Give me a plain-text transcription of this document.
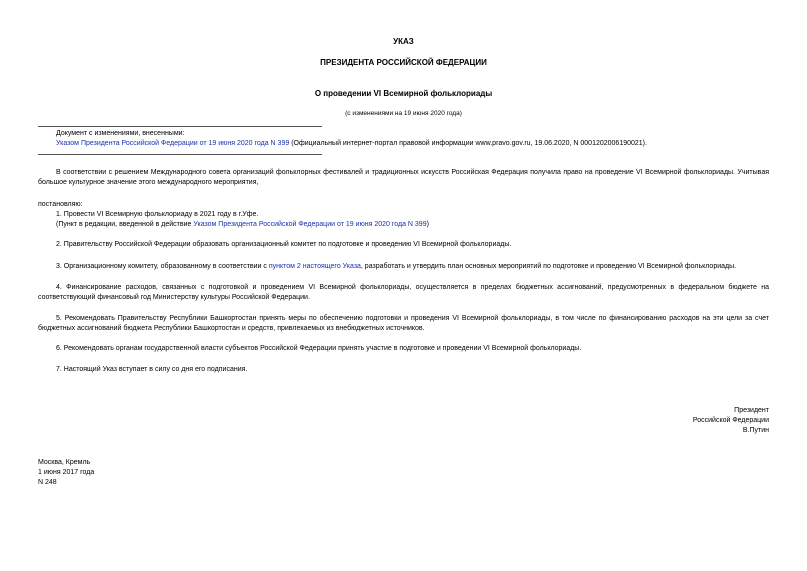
УКАЗ
ПРЕЗИДЕНТА РОССИЙСКОЙ ФЕДЕРАЦИИ
О проведении VI Всемирной фольклориады
(с изменениями на 19 июня 2020 года)
Документ с изменениями, внесенными:
Указом Президента Российской Федерации от 19 июня 2020 года N 399 (Официальный интернет-портал правовой информации www.pravo.gov.ru, 19.06.2020, N 0001202006190021).
В соответствии с решением Международного совета организаций фольклорных фестивалей и традиционных искусств Российская Федерация получила право на проведение VI Всемирной фольклориады. Учитывая большое культурное значение этого международного мероприятия,
постановляю:
1. Провести VI Всемирную фольклориаду в 2021 году в г.Уфе.
(Пункт в редакции, введенной в действие Указом Президента Российской Федерации от 19 июня 2020 года N 399)
2. Правительству Российской Федерации образовать организационный комитет по подготовке и проведению VI Всемирной фольклориады.
3. Организационному комитету, образованному в соответствии с пунктом 2 настоящего Указа, разработать и утвердить план основных мероприятий по подготовке и проведению VI Всемирной фольклориады.
4. Финансирование расходов, связанных с подготовкой и проведением VI Всемирной фольклориады, осуществляется в пределах бюджетных ассигнований, предусмотренных в федеральном бюджете на соответствующий финансовый год Министерству культуры Российской Федерации.
5. Рекомендовать Правительству Республики Башкортостан принять меры по обеспечению подготовки и проведения VI Всемирной фольклориады, в том числе по финансированию расходов на эти цели за счет бюджетных ассигнований бюджета Республики Башкортостан и средств, привлекаемых из внебюджетных источников.
6. Рекомендовать органам государственной власти субъектов Российской Федерации принять участие в подготовке и проведении VI Всемирной фольклориады.
7. Настоящий Указ вступает в силу со дня его подписания.
Президент
Российской Федерации
В.Путин
Москва, Кремль
1 июня 2017 года
N 248
